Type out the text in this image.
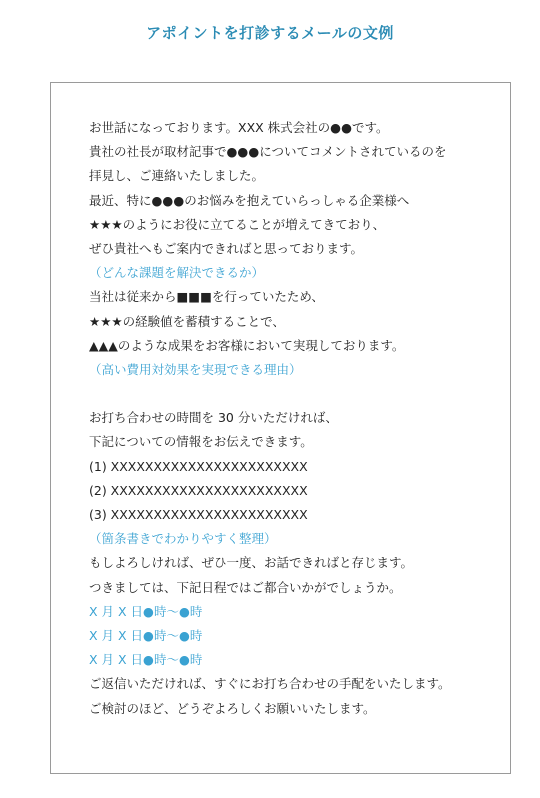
アポイントを打診するメールの文例
お世話になっております。XXX 株式会社の●●です。
貴社の社長が取材記事で●●●についてコメントされているのを
拝見し、ご連絡いたしました。
最近、特に●●●のお悩みを抱えていらっしゃる企業様へ
★★★のようにお役に立てることが増えてきており、
ぜひ貴社へもご案内できればと思っております。
（どんな課題を解決できるか）
当社は従来から■■■を行っていたため、
★★★の経験値を蓄積することで、
▲▲▲のような成果をお客様において実現しております。
（高い費用対効果を実現できる理由）
お打ち合わせの時間を 30 分いただければ、
下記についての情報をお伝えできます。
(1) XXXXXXXXXXXXXXXXXXXXXXX
(2) XXXXXXXXXXXXXXXXXXXXXXX
(3) XXXXXXXXXXXXXXXXXXXXXXX
（箇条書きでわかりやすく整理）
もしよろしければ、ぜひ一度、お話できればと存じます。
つきましては、下記日程ではご都合いかがでしょうか。
X 月 X 日●時～●時
X 月 X 日●時～●時
X 月 X 日●時～●時
ご返信いただければ、すぐにお打ち合わせの手配をいたします。
ご検討のほど、どうぞよろしくお願いいたします。
